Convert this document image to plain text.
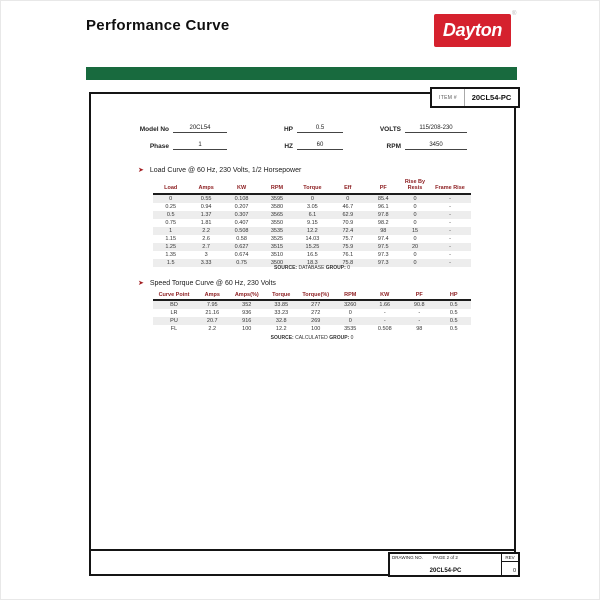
Performance Curve	Dayton
®
ITEM #	20CL54-PC
Model No	20CL54	HP	0.5	VOLTS	115/208-230
Phase	1	HZ	60	RPM	3450
➤ Load Curve @ 60 Hz, 230 Volts, 1/2 Horsepower
Load	Amps	KW	RPM	Torque	Eff	PF	Rise By Resis	Frame Rise
0	0.55	0.108	3595	0	0	85.4	0	-
0.25	0.94	0.207	3580	3.05	46.7	96.1	0	-
0.5	1.37	0.307	3565	6.1	62.9	97.8	0	-
0.75	1.81	0.407	3550	9.15	70.9	98.2	0	-
1	2.2	0.508	3535	12.2	72.4	98	15	-
1.15	2.6	0.58	3525	14.03	75.7	97.4	0	-
1.25	2.7	0.627	3515	15.25	75.9	97.5	20	-
1.35	3	0.674	3510	16.5	76.1	97.3	0	-
1.5	3.33	0.75	3500	18.3	75.8	97.3	0	-
SOURCE: DATABASE GROUP: 0
➤ Speed Torque Curve @ 60 Hz, 230 Volts
Curve Point	Amps	Amps(%)	Torque	Torque(%)	RPM	KW	PF	HP
BD	7.95	352	33.85	277	3260	1.66	90.8	0.5
LR	21.16	936	33.23	272	0	-	-	0.5
PU	20.7	916	32.8	269	0	-	-	0.5
FL	2.2	100	12.2	100	3535	0.508	98	0.5
SOURCE: CALCULATED GROUP: 0
DRAWING NO.	PAGE 2 of 2
20CL54-PC
REV
0
